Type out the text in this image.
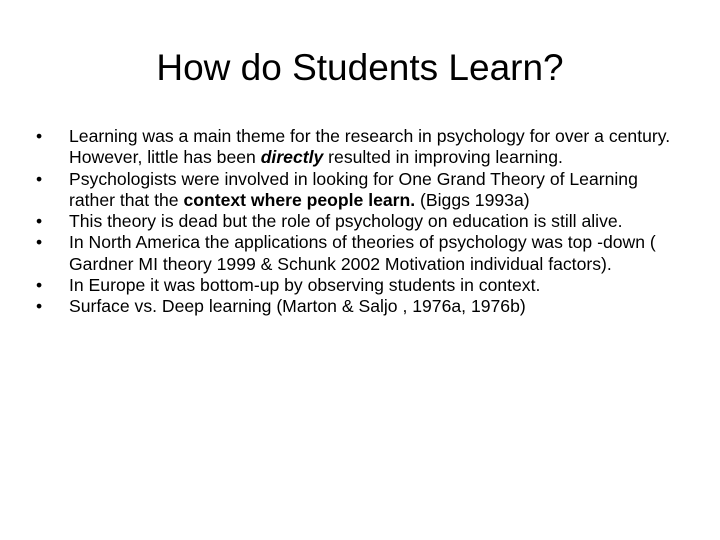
How do Students Learn?
•	Learning was a main theme for the research in psychology for over a century. However, little has been directly resulted in improving learning.
•	Psychologists were involved in looking for One Grand Theory of Learning rather that the context where people learn. (Biggs 1993a)
•	This theory is dead but the role of psychology on education is still alive.
•	In North America the applications of theories of psychology was top -down ( Gardner MI theory 1999 & Schunk 2002 Motivation individual factors).
•	In Europe it was bottom-up by observing students in context.
•	Surface vs. Deep learning (Marton & Saljo , 1976a, 1976b)
